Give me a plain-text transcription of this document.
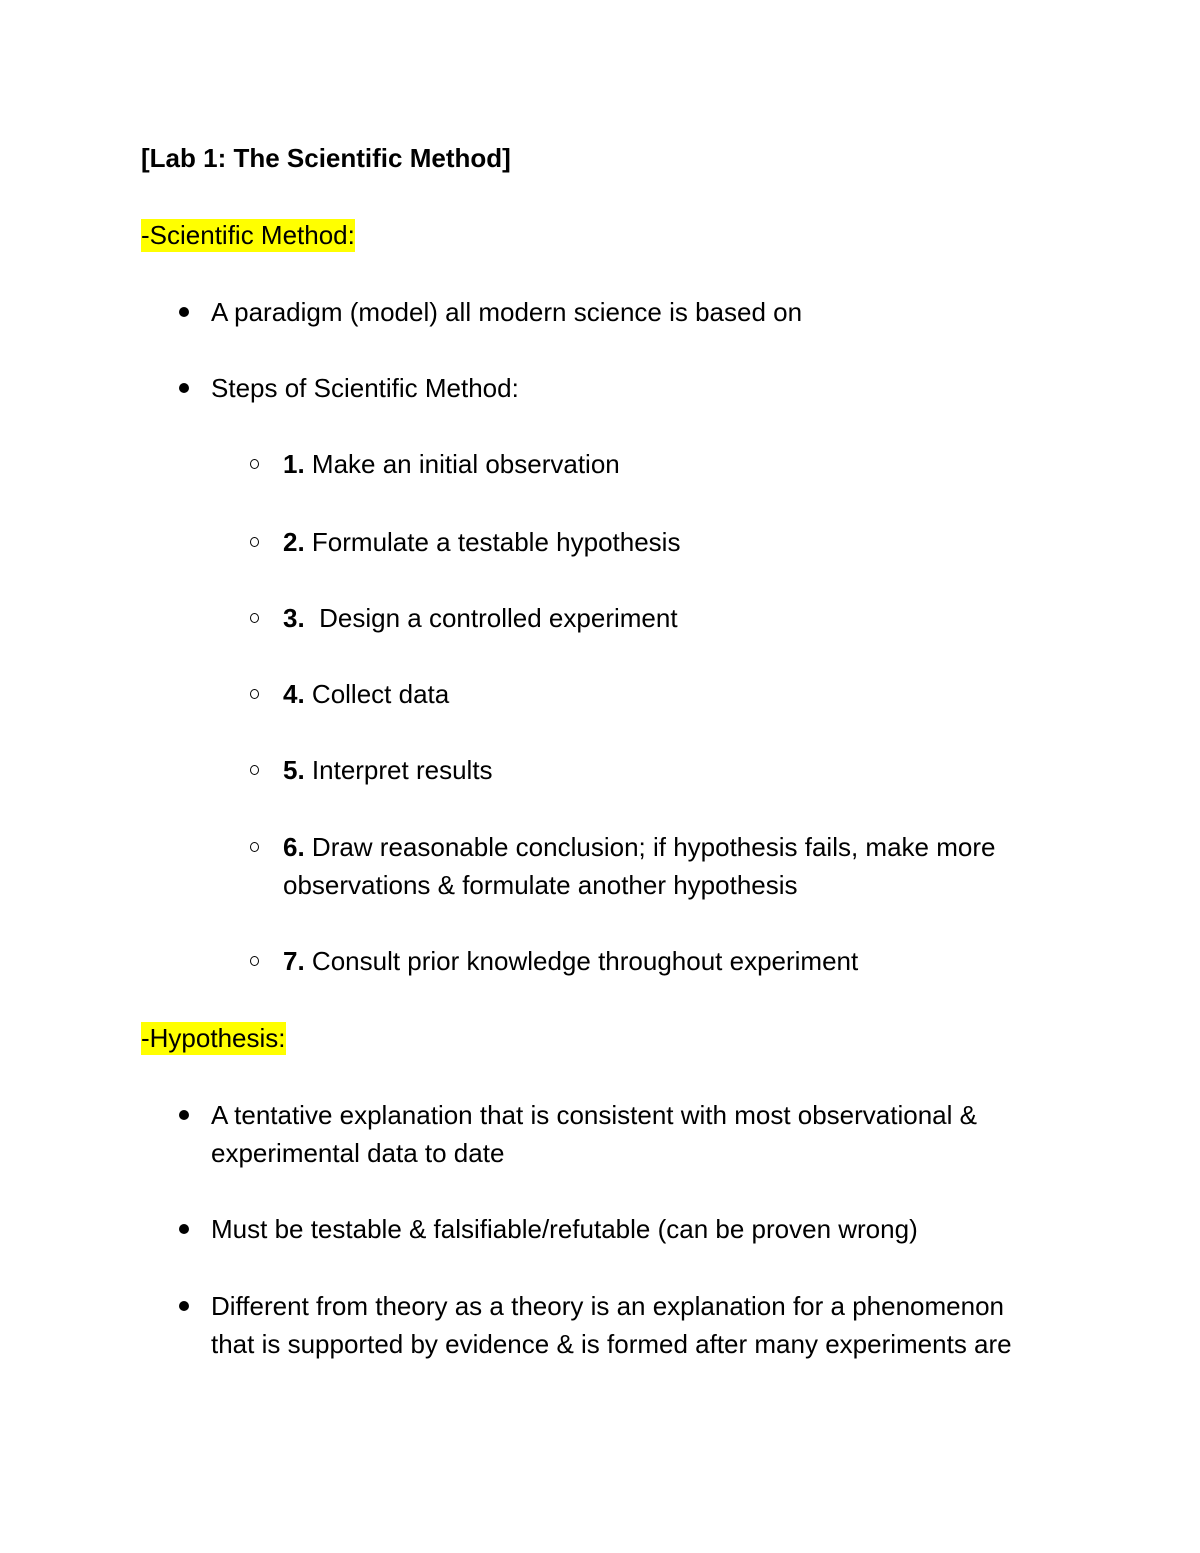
[Lab 1: The Scientific Method]
-Scientific Method:
A paradigm (model) all modern science is based on
Steps of Scientific Method:
1. Make an initial observation
2. Formulate a testable hypothesis
3.  Design a controlled experiment
4. Collect data
5. Interpret results
6. Draw reasonable conclusion; if hypothesis fails, make more
observations & formulate another hypothesis
7. Consult prior knowledge throughout experiment
-Hypothesis:
A tentative explanation that is consistent with most observational &
experimental data to date
Must be testable & falsifiable/refutable (can be proven wrong)
Different from theory as a theory is an explanation for a phenomenon
that is supported by evidence & is formed after many experiments are
